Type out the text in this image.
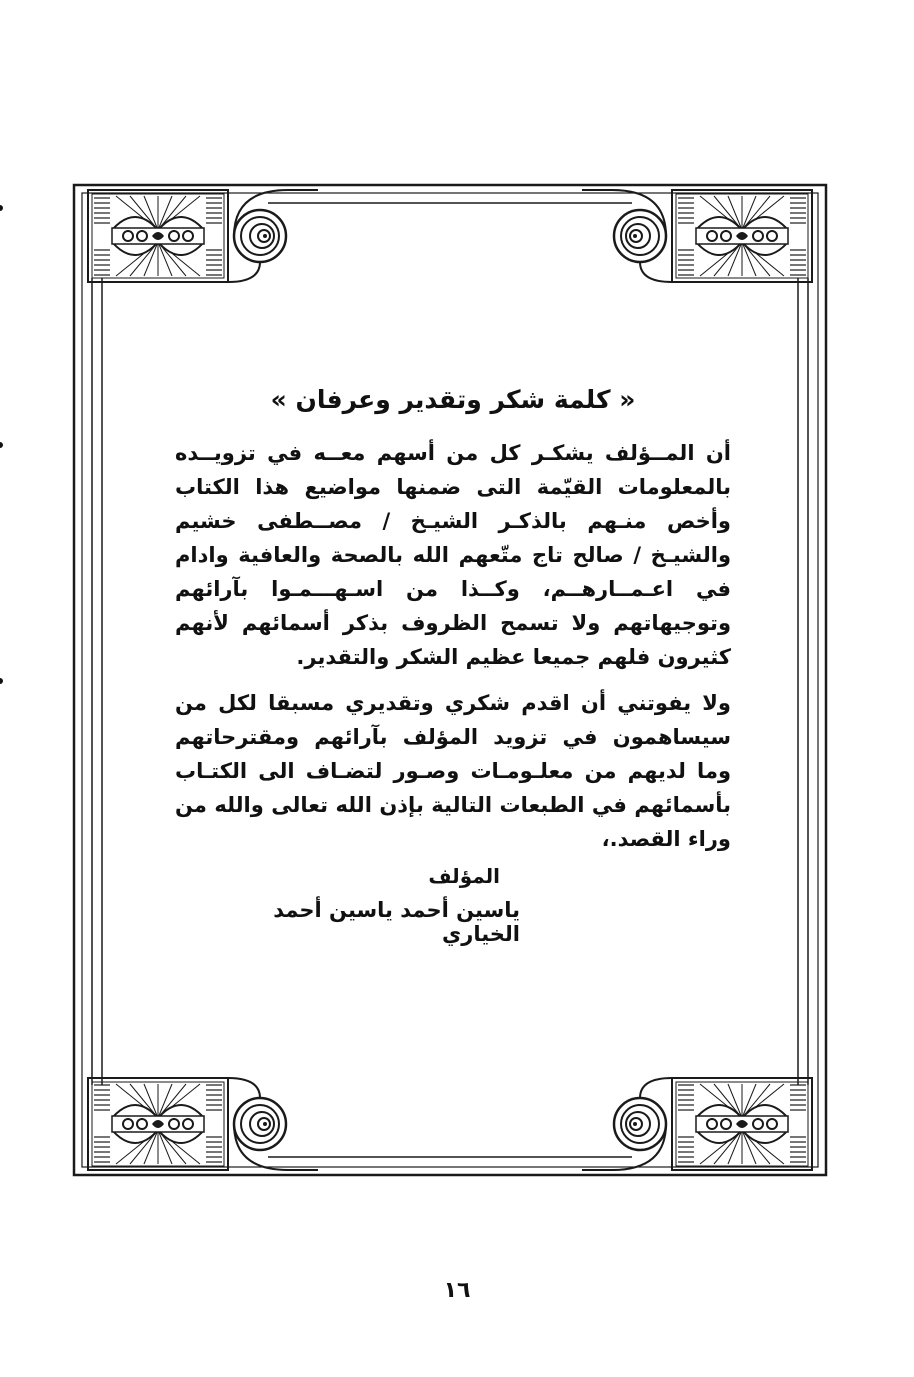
« كلمة شكر وتقدير وعرفان »

أن المــؤلف يشكـر كل من أسهم معــه في تزويــده بالمعلومات القيّمة التى ضمنها مواضيع هذا الكتاب وأخص منـهم بالذكـر الشيـخ / مصــطفى خشيم والشيـخ / صالح تاج متّعهم الله بالصحة والعافية وادام في اعـمــارهــم، وكــذا من اسـهـــمـوا بآرائهم وتوجيهاتهم ولا تسمح الظروف بذكر أسمائهم لأنهم كثيرون فلهم جميعا عظيم الشكر والتقدير.

ولا يفوتني أن اقدم شكري وتقديري مسبقا لكل من سيساهمون في تزويد المؤلف بآرائهم ومقترحاتهم وما لديهم من معلـومـات وصـور لتضـاف الى الكتـاب بأسمائهم في الطبعات التالية بإذن الله تعالى والله من وراء القصد.،

المؤلف
ياسين أحمد ياسين أحمد الخياري
١٦
